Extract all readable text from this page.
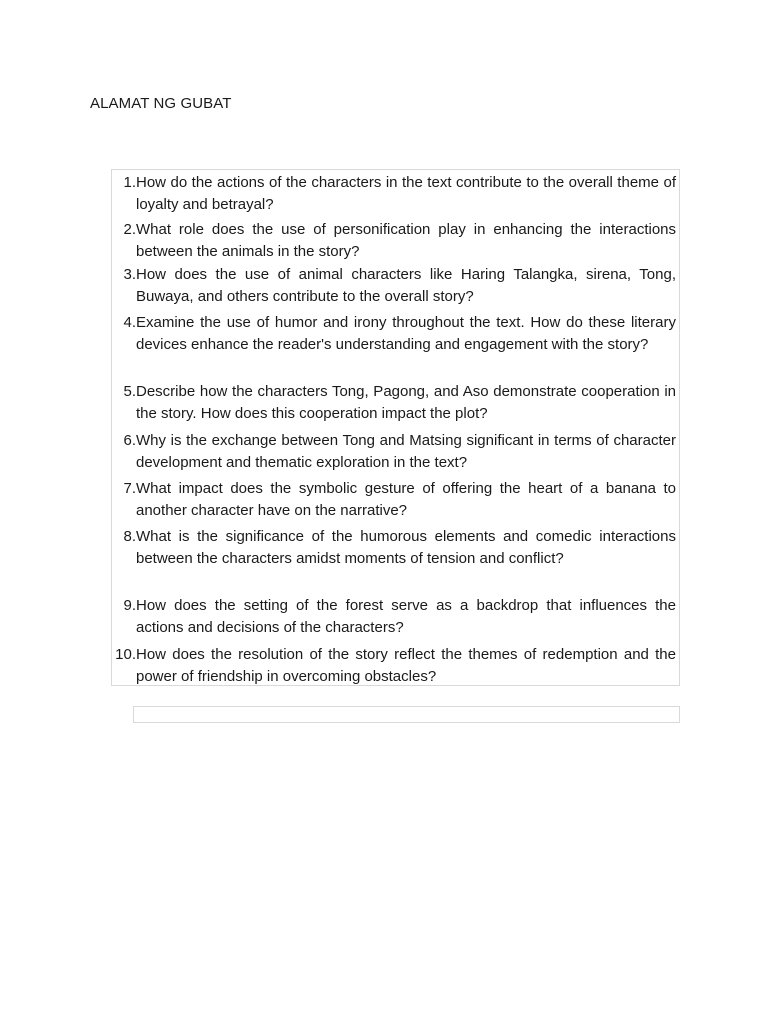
ALAMAT NG GUBAT
1. How do the actions of the characters in the text contribute to the overall theme of loyalty and betrayal?
2. What role does the use of personification play in enhancing the interactions between the animals in the story?
3. How does the use of animal characters like Haring Talangka, sirena, Tong, Buwaya, and others contribute to the overall story?
4. Examine the use of humor and irony throughout the text. How do these literary devices enhance the reader's understanding and engagement with the story?
5. Describe how the characters Tong, Pagong, and Aso demonstrate cooperation in the story. How does this cooperation impact the plot?
6. Why is the exchange between Tong and Matsing significant in terms of character development and thematic exploration in the text?
7. What impact does the symbolic gesture of offering the heart of a banana to another character have on the narrative?
8. What is the significance of the humorous elements and comedic interactions between the characters amidst moments of tension and conflict?
9. How does the setting of the forest serve as a backdrop that influences the actions and decisions of the characters?
10. How does the resolution of the story reflect the themes of redemption and the power of friendship in overcoming obstacles?
